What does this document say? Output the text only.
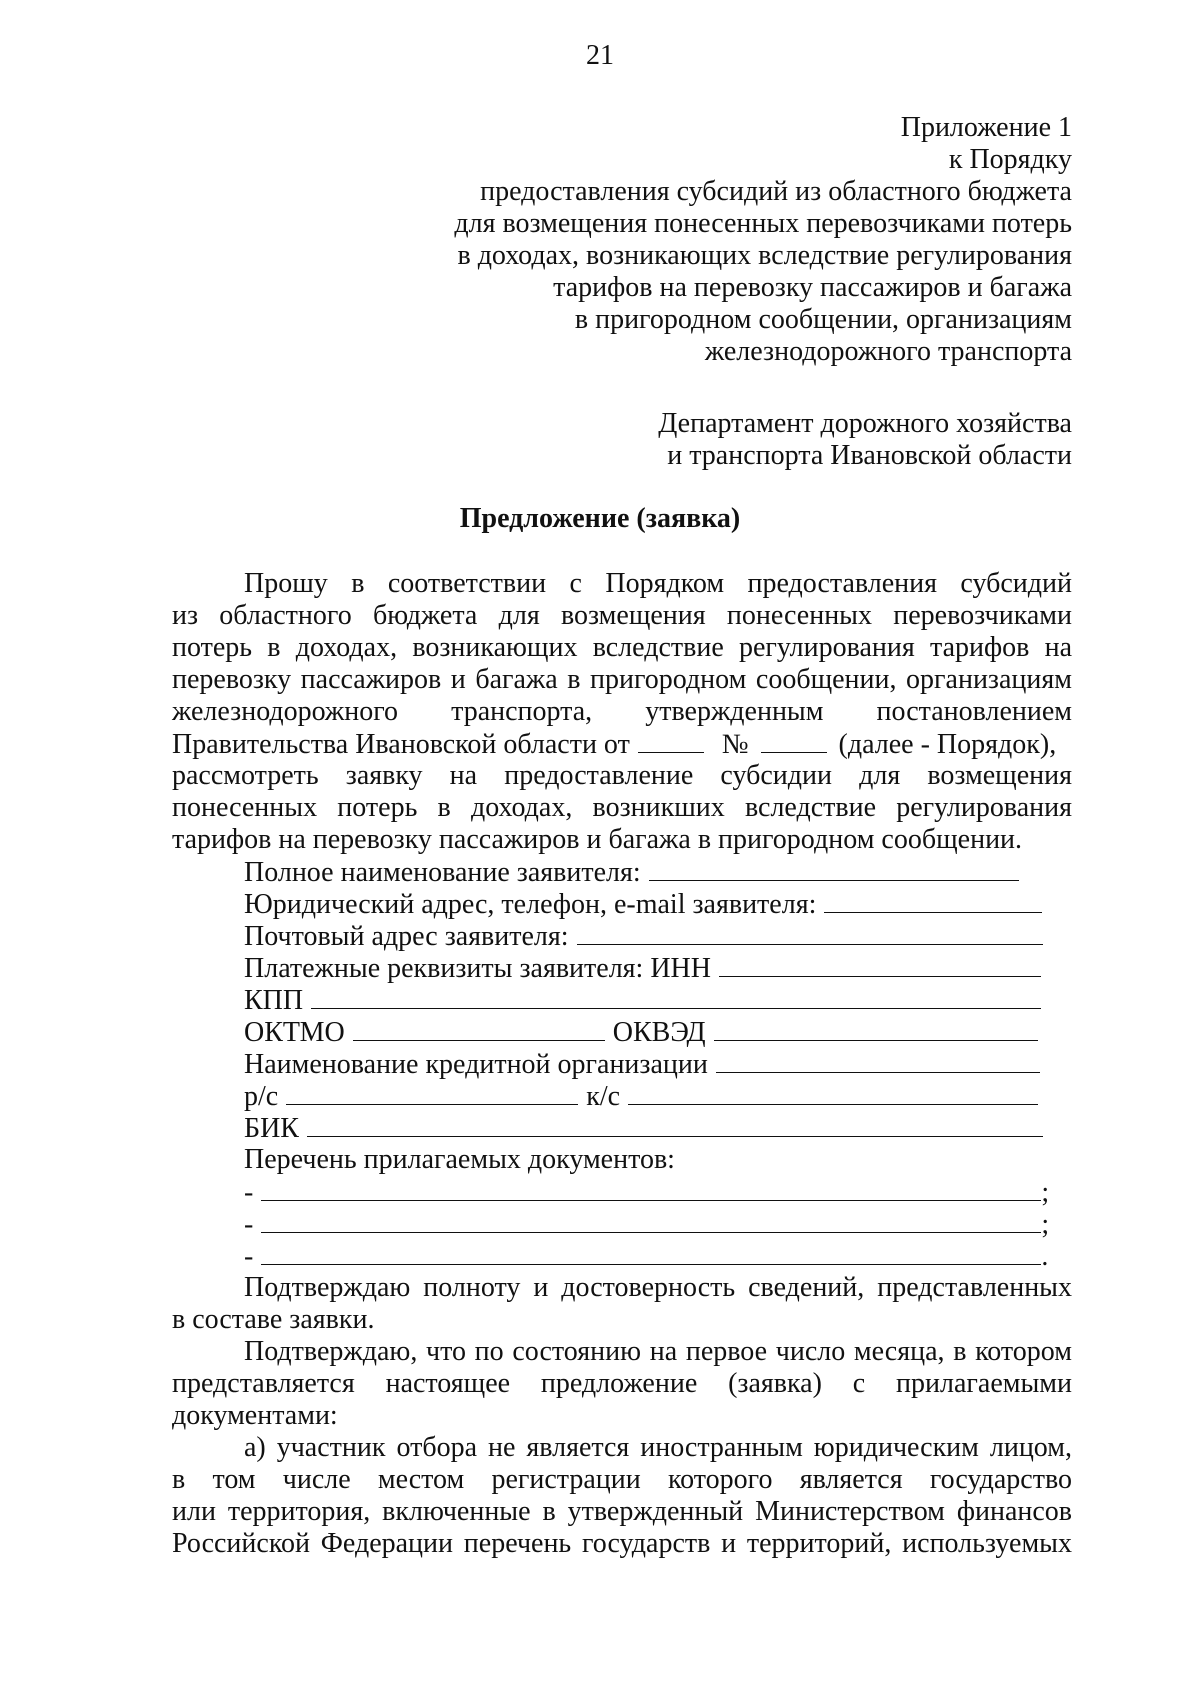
21
Приложение 1
к Порядку
предоставления субсидий из областного бюджета
для возмещения понесенных перевозчиками потерь
в доходах, возникающих вследствие регулирования
тарифов на перевозку пассажиров и багажа
в пригородном сообщении, организациям
железнодорожного транспорта
Департамент дорожного хозяйства
и транспорта Ивановской области
Предложение (заявка)
Прошу в соответствии с Порядком предоставления субсидий
из областного бюджета для возмещения понесенных перевозчиками
потерь в доходах, возникающих вследствие регулирования тарифов на
перевозку пассажиров и багажа в пригородном сообщении, организациям
железнодорожного транспорта, утвержденным постановлением
Правительства Ивановской области от	№	(далее - Порядок),
рассмотреть заявку на предоставление субсидии для возмещения
понесенных потерь в доходах, возникших вследствие регулирования
тарифов на перевозку пассажиров и багажа в пригородном сообщении.
Полное наименование заявителя:
Юридический адрес, телефон, e-mail заявителя:
Почтовый адрес заявителя:
Платежные реквизиты заявителя: ИНН
КПП
ОКТМО	ОКВЭД
Наименование кредитной организации
р/с	к/с
БИК
Перечень прилагаемых документов:
-	;
-	;
-	.
Подтверждаю полноту и достоверность сведений, представленных
в составе заявки.
Подтверждаю, что по состоянию на первое число месяца, в котором
представляется настоящее предложение (заявка) с прилагаемыми
документами:
а) участник отбора не является иностранным юридическим лицом,
в том числе местом регистрации которого является государство
или территория, включенные в утвержденный Министерством финансов
Российской Федерации перечень государств и территорий, используемых
